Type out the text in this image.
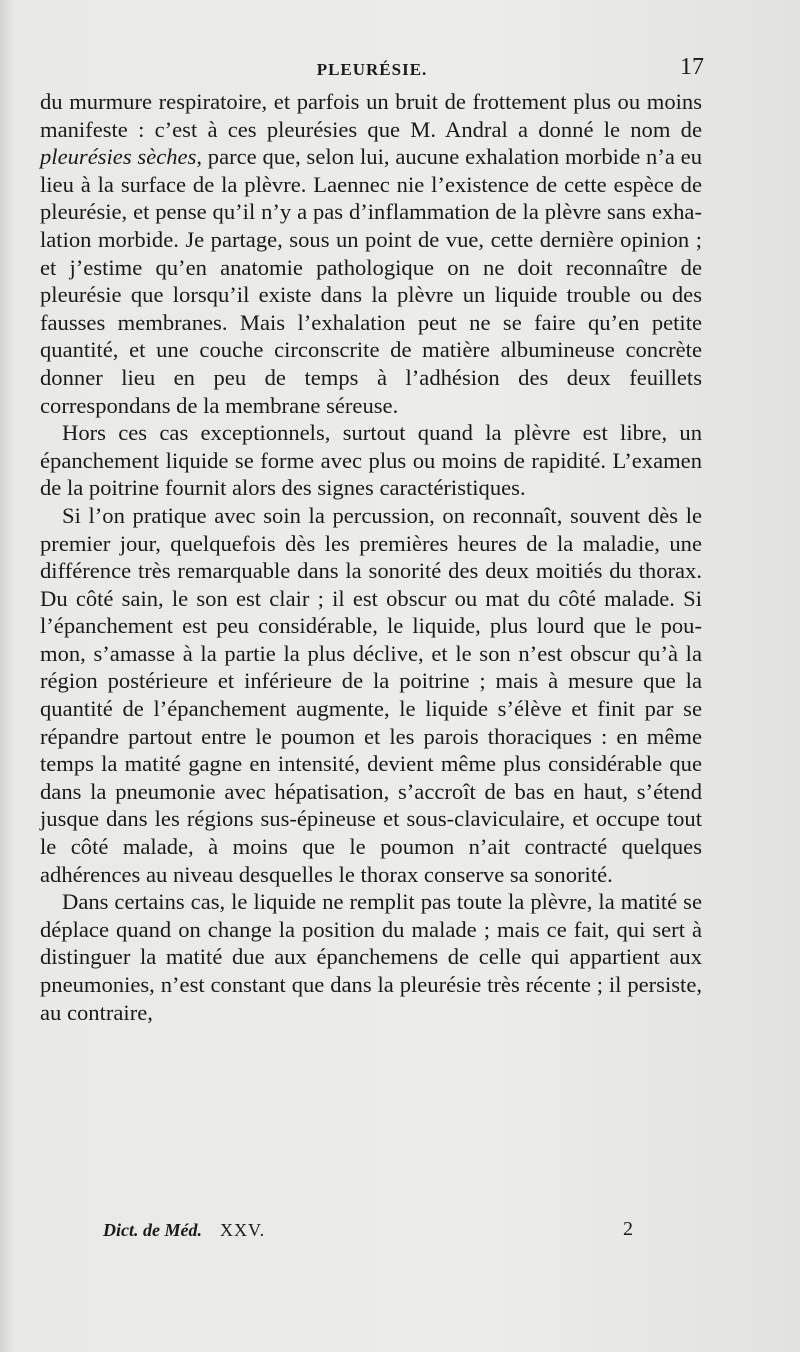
PLEURÉSIE.	17

du murmure respiratoire, et parfois un bruit de frottement plus ou moins manifeste : c’est à ces pleurésies que M. Andral a donné le nom de pleurésies sèches, parce que, selon lui, aucune exhalation morbide n’a eu lieu à la surface de la plèvre. Laennec nie l’existence de cette espèce de pleurésie, et pense qu’il n’y a pas d’inflammation de la plèvre sans exhalation morbide. Je partage, sous un point de vue, cette dernière opinion ; et j’estime qu’en anatomie pathologique on ne doit reconnaître de pleurésie que lorsqu’il existe dans la plèvre un liquide trouble ou des fausses membranes. Mais l’exhalation peut ne se faire qu’en petite quantité, et une couche circonscrite de matière albumineuse concrète donner lieu en peu de temps à l’adhésion des deux feuillets correspondans de la membrane séreuse.

Hors ces cas exceptionnels, surtout quand la plèvre est libre, un épanchement liquide se forme avec plus ou moins de rapidité. L’examen de la poitrine fournit alors des signes caractéristiques.

Si l’on pratique avec soin la percussion, on reconnaît, souvent dès le premier jour, quelquefois dès les premières heures de la maladie, une différence très remarquable dans la sonorité des deux moitiés du thorax. Du côté sain, le son est clair ; il est obscur ou mat du côté malade. Si l’épanchement est peu considérable, le liquide, plus lourd que le poumon, s’amasse à la partie la plus déclive, et le son n’est obscur qu’à la région postérieure et inférieure de la poitrine ; mais à mesure que la quantité de l’épanchement augmente, le liquide s’élève et finit par se répandre partout entre le poumon et les parois thoraciques : en même temps la matité gagne en intensité, devient même plus considérable que dans la pneumonie avec hépatisation, s’accroît de bas en haut, s’étend jusque dans les régions sus-épineuse et sous-claviculaire, et occupe tout le côté malade, à moins que le poumon n’ait contracté quelques adhérences au niveau desquelles le thorax conserve sa sonorité.

Dans certains cas, le liquide ne remplit pas toute la plèvre, la matité se déplace quand on change la position du malade ; mais ce fait, qui sert à distinguer la matité due aux épanchemens de celle qui appartient aux pneumonies, n’est constant que dans la pleurésie très récente ; il persiste, au contraire,

Dict. de Méd. XXV.	2
